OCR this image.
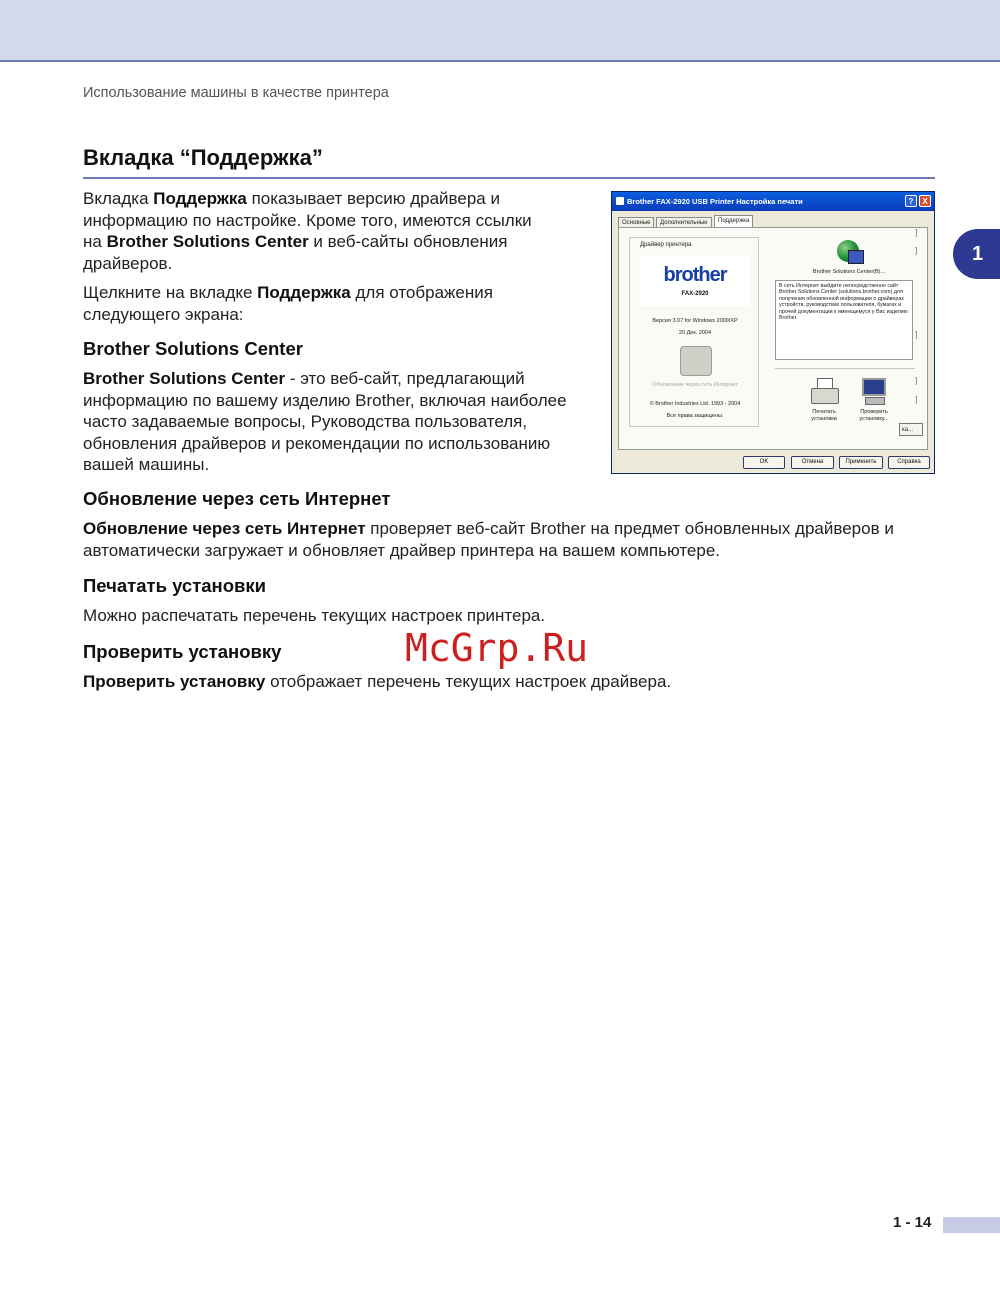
Использование машины в качестве принтера
1
Вкладка “Поддержка”
Вкладка Поддержка показывает версию драйвера и информацию по настройке. Кроме того, имеются ссылки на Brother Solutions Center и веб-сайты обновления драйверов.
Щелкните на вкладке Поддержка для отображения следующего экрана:
Brother Solutions Center
Brother Solutions Center - это веб-сайт, предлагающий информацию по вашему изделию Brother, включая наиболее часто задаваемые вопросы, Руководства пользователя, обновления драйверов и рекомендации по использованию вашей машины.
Обновление через сеть Интернет
Обновление через сеть Интернет проверяет веб-сайт Brother на предмет обновленных драйверов и автоматически загружает и обновляет драйвер принтера на вашем компьютере.
Печатать установки
Можно распечатать перечень текущих настроек принтера.
Проверить установку
Проверить установку отображает перечень текущих настроек драйвера.
McGrp.Ru
1 - 14
Brother FAX-2920 USB Printer Настройка печати	?	X
Основные	Дополнительные	Поддержка
Драйвер принтера
brother
FAX-2920
Версия 3.07 for Windows 2000/XP
20 Дек. 2004
Обновление через сеть Интернет
© Brother Industries Ltd. 1993 - 2004
Все права защищены.
Brother Solutions Center(B)...
В сеть Интернет выйдите непосредственно сайт Brother Solutions Center (solutions.brother.com) для получения обновленной информации о драйверах устройств, руководствах пользователя, бумагах и прочей документации к имеющемуся у Вас изделию Brother.
]
]
]
]
]
Печатать установки
Проверить установку...
ка...
OK	Отмена	Применить	Справка
